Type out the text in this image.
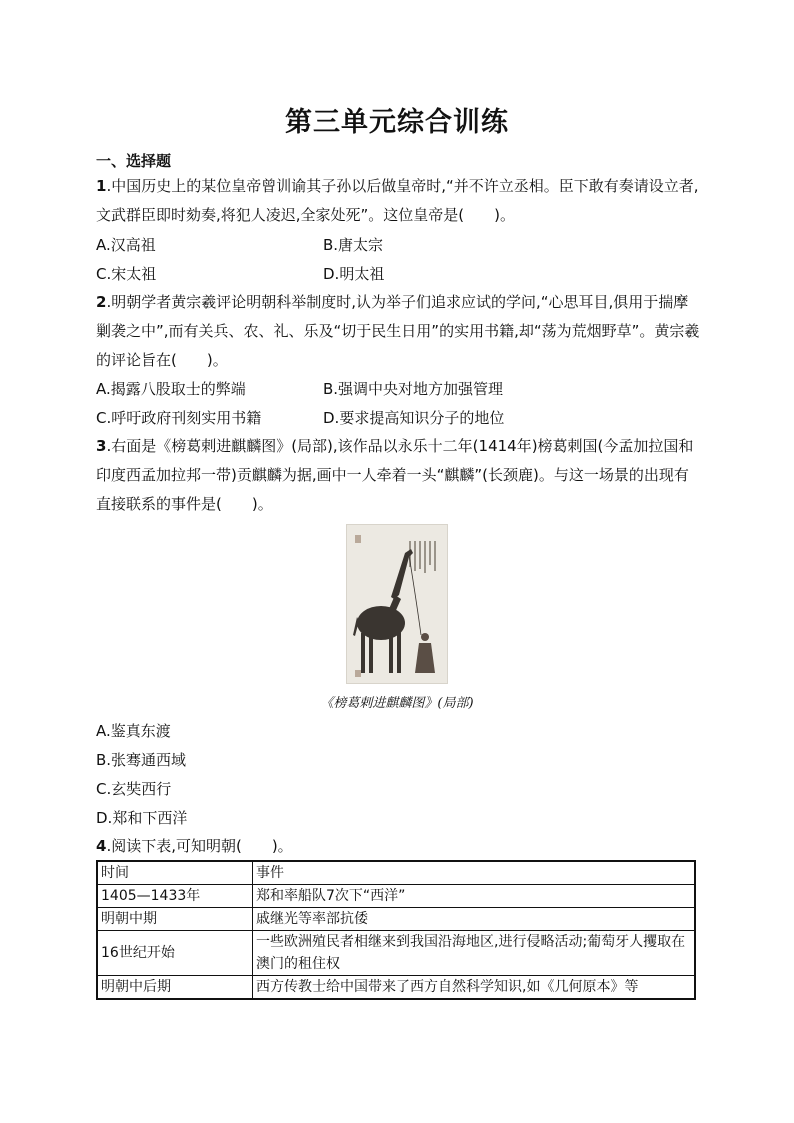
第三单元综合训练
一、选择题
1.中国历史上的某位皇帝曾训谕其子孙以后做皇帝时,“并不许立丞相。臣下敢有奏请设立者,文武群臣即时劾奏,将犯人凌迟,全家处死”。这位皇帝是(　　)。
A.汉高祖	B.唐太宗
C.宋太祖	D.明太祖
2.明朝学者黄宗羲评论明朝科举制度时,认为举子们追求应试的学问,“心思耳目,俱用于揣摩剿袭之中”,而有关兵、农、礼、乐及“切于民生日用”的实用书籍,却“荡为荒烟野草”。黄宗羲的评论旨在(　　)。
A.揭露八股取士的弊端	B.强调中央对地方加强管理
C.呼吁政府刊刻实用书籍	D.要求提高知识分子的地位
3.右面是《榜葛剌进麒麟图》(局部),该作品以永乐十二年(1414年)榜葛剌国(今孟加拉国和印度西孟加拉邦一带)贡麒麟为据,画中一人牵着一头“麒麟”(长颈鹿)。与这一场景的出现有直接联系的事件是(　　)。
《榜葛剌进麒麟图》(局部)
A.鉴真东渡
B.张骞通西域
C.玄奘西行
D.郑和下西洋
4.阅读下表,可知明朝(　　)。
时间	事件
1405—1433年	郑和率船队7次下“西洋”
明朝中期	戚继光等率部抗倭
16世纪开始	一些欧洲殖民者相继来到我国沿海地区,进行侵略活动;葡萄牙人攫取在澳门的租住权
明朝中后期	西方传教士给中国带来了西方自然科学知识,如《几何原本》等
